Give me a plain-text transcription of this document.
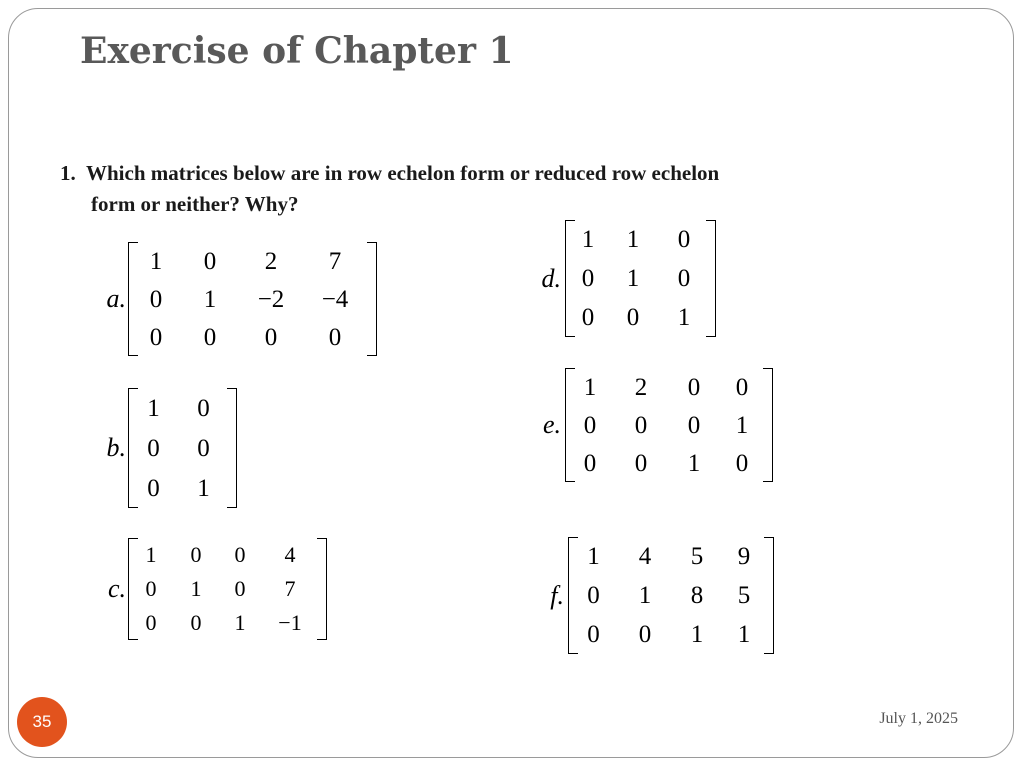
Exercise of Chapter 1
1. Which matrices below are in row echelon form or reduced row echelon
form or neither? Why?
a.
1 0 2 7
0 1 −2 −4
0 0 0 0
b.
1 0
0 0
0 1
c.
1 0 0 4
0 1 0 7
0 0 1 −1
d.
1 1 0
0 1 0
0 0 1
e.
1 2 0 0
0 0 0 1
0 0 1 0
f.
1 4 5 9
0 1 8 5
0 0 1 1
35	July 1, 2025
